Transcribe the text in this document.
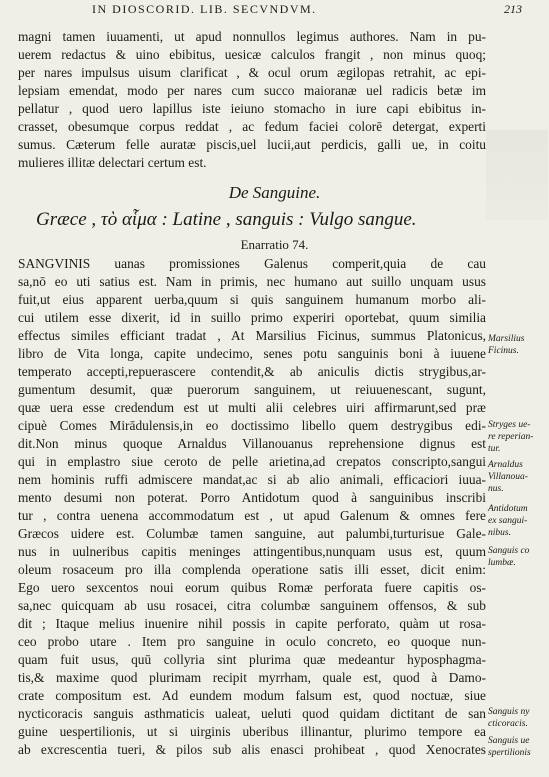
IN DIOSCORID. LIB. SECVNDVM.	213
magni tamen iuuamenti, ut apud nonnullos legimus authores. Nam in pu-
uerem redactus & uino ebibitus, uesicæ calculos frangit , non minus quoq;
per nares impulsus uisum clarificat , & ocul orum ægilopas retrahit, ac epi-
lepsiam emendat, modo per nares cum succo maioranæ uel radicis betæ im
pellatur , quod uero lapillus iste ieiuno stomacho in iure capi ebibitus in-
crasset, obesumque corpus reddat , ac fedum faciei colorē detergat, experti
sumus. Cæterum felle auratæ piscis,uel lucii,aut perdicis, galli ue, in coitu
mulieres illitæ delectari certum est.
De Sanguine.
Græce , τὸ αἷμα : Latine , sanguis : Vulgo sangue.
Enarratio 74.
SANGVINIS uanas promissiones Galenus comperit,quia de cau
sa,nō eo uti satius est. Nam in primis, nec humano aut suillo unquam usus
fuit,ut eius apparent uerba,quum si quis sanguinem humanum morbo ali-
cui utilem esse dixerit, id in suillo primo experiri oportebat, quum similia
effectus similes efficiant tradat , At Marsilius Ficinus, summus Platonicus,
libro de Vita longa, capite undecimo, senes potu sanguinis boni à iuuene
temperato accepti,repuerascere contendit,& ab aniculis dictis strygibus,ar-
gumentum desumit, quæ puerorum sanguinem, ut reiuuenescant, sugunt,
quæ uera esse credendum est ut multi alii celebres uiri affirmarunt,sed præ
cipuè Comes Mirādulensis,in eo doctissimo libello quem destrygibus edi-
dit.Non minus quoque Arnaldus Villanouanus reprehensione dignus est
qui in emplastro siue ceroto de pelle arietina,ad crepatos conscripto,sangui
nem hominis ruffi admiscere mandat,ac si ab alio animali, efficaciori iuua-
mento desumi non poterat. Porro Antidotum quod à sanguinibus inscribi
tur , contra uenena accommodatum est , ut apud Galenum & omnes fere
Græcos uidere est. Columbæ tamen sanguine, aut palumbi,turturisue Gale-
nus in uulneribus capitis meninges attingentibus,nunquam usus est, quum
oleum rosaceum pro illa complenda operatione satis illi esset, dicit enim:
Ego uero sexcentos noui eorum quibus Romæ perforata fuere capitis os-
sa,nec quicquam ab usu rosacei, citra columbæ sanguinem offensos, & sub
dit ; Itaque melius inuenire nihil possis in capite perforato, quàm ut rosa-
ceo probo utare . Item pro sanguine in oculo concreto, eo quoque nun-
quam fuit usus, quū collyria sint plurima quæ medeantur hyposphagma-
tis,& maxime quod plurimam recipit myrrham, quale est, quod à Damo-
crate compositum est. Ad eundem modum falsum est, quod noctuæ, siue
nycticoracis sanguis asthmaticis ualeat, ueluti quod quidam dictitant de san
guine uespertilionis, ut si uirginis uberibus illinantur, plurimo tempore ea
ab excrescentia tueri, & pilos sub alis enasci prohibeat , quod Xenocrates
Marsilius
Ficinus.
Stryges ue-
re reperian-
tur.
Arnaldus
Villanoua-
nus.
Antidotum
ex sangui-
nibus.
Sanguis co
lumbæ.
Sanguis ny
cticoracis.
Sanguis ue
spertilionis
